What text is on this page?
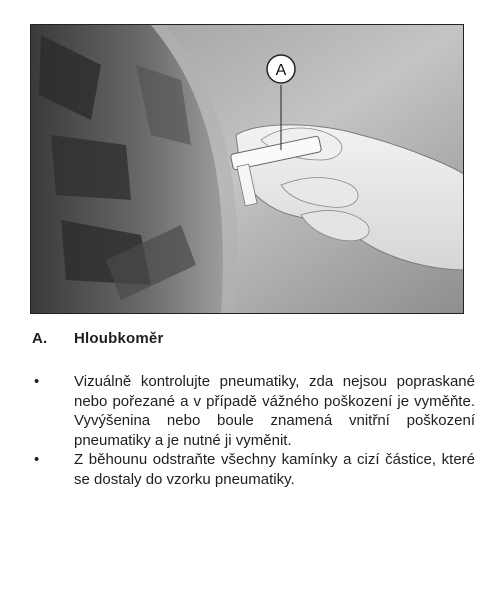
A
A. Hloubkoměr
• Vizuálně kontrolujte pneumatiky, zda nejsou popraskané nebo pořezané a v případě vážného poškození je vyměňte. Vyvýšenina nebo boule znamená vnitřní poškození pneumatiky a je nutné ji vyměnit.
• Z běhounu odstraňte všechny kamínky a cizí částice, které se dostaly do vzorku pneumatiky.
